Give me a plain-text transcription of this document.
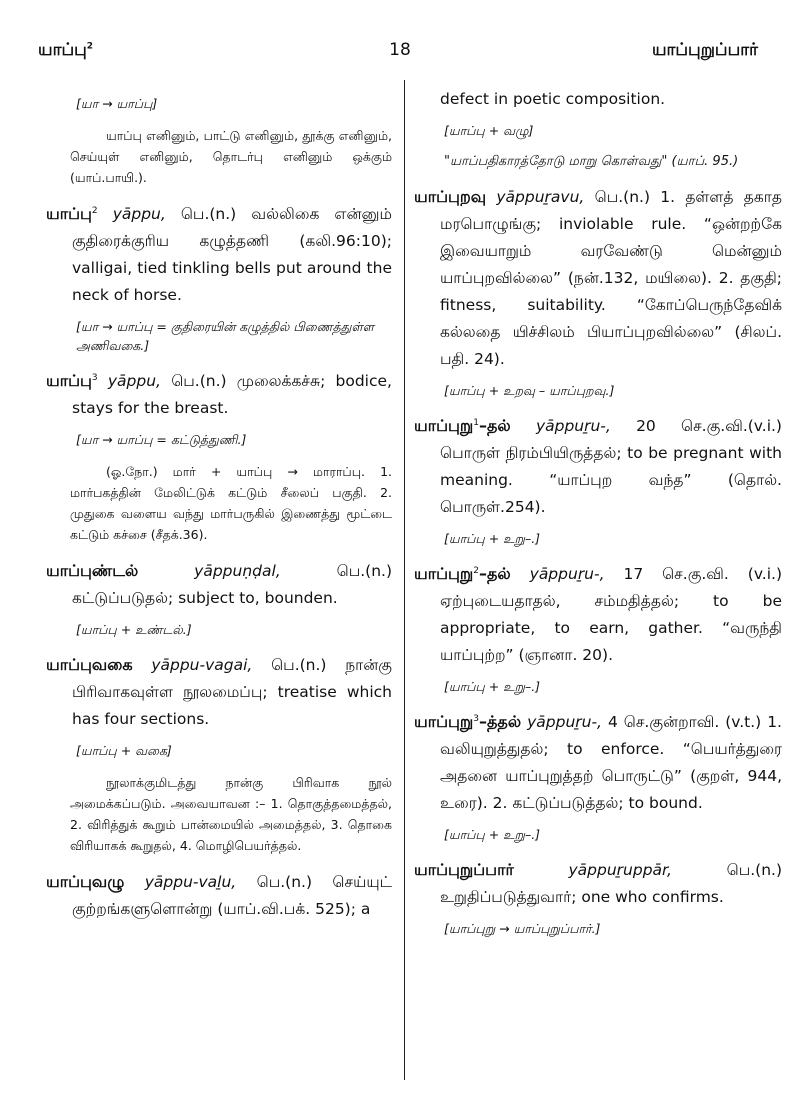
யாப்பு$^2$	18	யாப்புறுப்பார்
[யா → யாப்பு]
யாப்பு எனினும், பாட்டு எனினும், தூக்கு எனினும், செய்யுள் எனினும், தொடர்பு எனினும் ஒக்கும் (யாப்.பாயி.).
யாப்பு$^2$ yāppu, பெ.(n.) வல்லிகை என்னும் குதிரைக்குரிய கழுத்தணி (கலி.96:10); valligai, tied tinkling bells put around the neck of horse.
[யா → யாப்பு = குதிரையின் கழுத்தில் பிணைத்துள்ள அணிவகை.]
யாப்பு$^3$ yāppu, பெ.(n.) முலைக்கச்சு; bodice, stays for the breast.
[யா → யாப்பு = கட்டுத்துணி.]
(ஓ.நோ.) மார் + யாப்பு → மாராப்பு. 1. மார்பகத்தின் மேலிட்டுக் கட்டும் சீலைப் பகுதி. 2. முதுகை வளைய வந்து மார்பருகில் இணைத்து மூட்டை கட்டும் கச்சை (சீதக்.36).
யாப்புண்டல்	yāppuṇḍal,	பெ.(n.) கட்டுப்படுதல்; subject to, bounden.
[யாப்பு + உண்டல்.]
யாப்புவகை yāppu-vagai, பெ.(n.) நான்கு பிரிவாகவுள்ள நூலமைப்பு; treatise which has four sections.
[யாப்பு + வகை]
நூலாக்குமிடத்து நான்கு பிரிவாக நூல் அமைக்கப்படும். அவையாவன :– 1. தொகுத்தமைத்தல், 2. விரித்துக் கூறும் பான்மையில் அமைத்தல், 3. தொகை விரியாகக் கூறுதல், 4. மொழிபெயர்த்தல்.
யாப்புவழு yāppu-vaḻu, பெ.(n.) செய்யுட் குற்றங்களுளொன்று (யாப்.வி.பக். 525); a
defect in poetic composition.
[யாப்பு + வழு]
"யாப்பதிகாரத்தோடு மாறு கொள்வது" (யாப். 95.)
யாப்புறவு yāppuṟavu, பெ.(n.) 1. தள்ளத் தகாத மரபொழுங்கு; inviolable rule. “ஒன்றற்கே இவையாறும் வரவேண்டு மென்னும் யாப்புறவில்லை” (நன்.132, மயிலை). 2. தகுதி; fitness, suitability. “கோப்பெருந்தேவிக் கல்லதை யிச்சிலம் பியாப்புறவில்லை” (சிலப். பதி. 24).
[யாப்பு + உறவு – யாப்புறவு.]
யாப்புறு$^1$–தல் yāppuṟu-, 20 செ.கு.வி.(v.i.) பொருள் நிரம்பியிருத்தல்; to be pregnant with meaning. “யாப்புற வந்த” (தொல். பொருள்.254).
[யாப்பு + உறு–.]
யாப்புறு$^2$–தல் yāppuṟu-, 17 செ.கு.வி. (v.i.) ஏற்புடையதாதல், சம்மதித்தல்; to be appropriate, to earn, gather. “வருந்தி யாப்புற்ற” (ஞானா. 20).
[யாப்பு + உறு–.]
யாப்புறு$^3$–த்தல் yāppuṟu-, 4 செ.குன்றாவி. (v.t.) 1. வலியுறுத்துதல்; to enforce. “பெயர்த்துரை அதனை யாப்புறுத்தற் பொருட்டு” (குறள், 944, உரை). 2. கட்டுப்படுத்தல்; to bound.
[யாப்பு + உறு–.]
யாப்புறுப்பார்	yāppuṟuppār,	பெ.(n.) உறுதிப்படுத்துவார்; one who confirms.
[யாப்புறு → யாப்புறுப்பார்.]
